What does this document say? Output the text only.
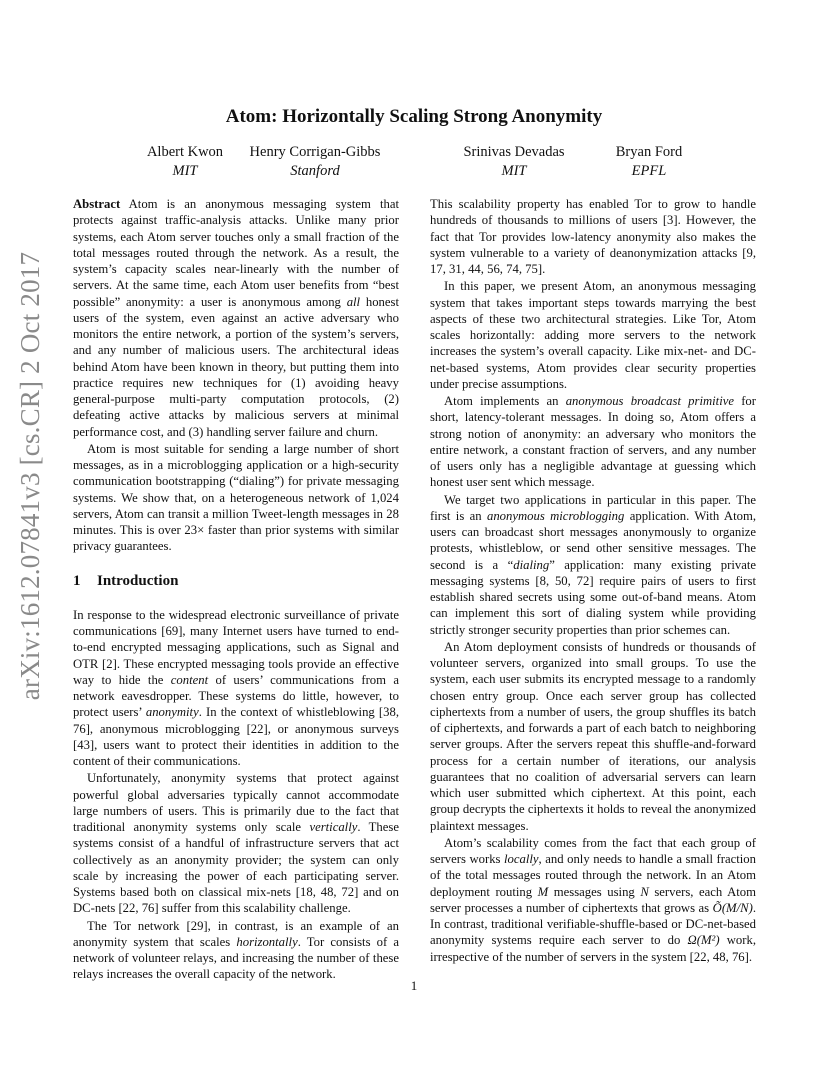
arXiv:1612.07841v3 [cs.CR] 2 Oct 2017
Atom: Horizontally Scaling Strong Anonymity
Albert Kwon
MIT
Henry Corrigan-Gibbs
Stanford
Srinivas Devadas
MIT
Bryan Ford
EPFL

Abstract Atom is an anonymous messaging system that protects against traffic-analysis attacks. Unlike many prior systems, each Atom server touches only a small fraction of the total messages routed through the network. As a result, the system’s capacity scales near-linearly with the number of servers. At the same time, each Atom user benefits from “best possible” anonymity: a user is anonymous among all honest users of the system, even against an active adversary who monitors the entire network, a portion of the system’s servers, and any number of malicious users. The architectural ideas behind Atom have been known in theory, but putting them into practice requires new techniques for (1) avoiding heavy general-purpose multi-party computation protocols, (2) defeating active attacks by malicious servers at minimal performance cost, and (3) handling server failure and churn.

Atom is most suitable for sending a large number of short messages, as in a microblogging application or a high-security communication bootstrapping (“dialing”) for private messaging systems. We show that, on a heterogeneous network of 1,024 servers, Atom can transit a million Tweet-length messages in 28 minutes. This is over 23× faster than prior systems with similar privacy guarantees.

1 Introduction

In response to the widespread electronic surveillance of private communications [69], many Internet users have turned to end-to-end encrypted messaging applications, such as Signal and OTR [2]. These encrypted messaging tools provide an effective way to hide the content of users’ communications from a network eavesdropper. These systems do little, however, to protect users’ anonymity. In the context of whistleblowing [38, 76], anonymous microblogging [22], or anonymous surveys [43], users want to protect their identities in addition to the content of their communications.

Unfortunately, anonymity systems that protect against powerful global adversaries typically cannot accommodate large numbers of users. This is primarily due to the fact that traditional anonymity systems only scale vertically. These systems consist of a handful of infrastructure servers that act collectively as an anonymity provider; the system can only scale by increasing the power of each participating server. Systems based both on classical mix-nets [18, 48, 72] and on DC-nets [22, 76] suffer from this scalability challenge.

The Tor network [29], in contrast, is an example of an anonymity system that scales horizontally. Tor consists of a network of volunteer relays, and increasing the number of these relays increases the overall capacity of the network.

This scalability property has enabled Tor to grow to handle hundreds of thousands to millions of users [3]. However, the fact that Tor provides low-latency anonymity also makes the system vulnerable to a variety of deanonymization attacks [9, 17, 31, 44, 56, 74, 75].

In this paper, we present Atom, an anonymous messaging system that takes important steps towards marrying the best aspects of these two architectural strategies. Like Tor, Atom scales horizontally: adding more servers to the network increases the system’s overall capacity. Like mix-net- and DC-net-based systems, Atom provides clear security properties under precise assumptions.

Atom implements an anonymous broadcast primitive for short, latency-tolerant messages. In doing so, Atom offers a strong notion of anonymity: an adversary who monitors the entire network, a constant fraction of servers, and any number of users only has a negligible advantage at guessing which honest user sent which message.

We target two applications in particular in this paper. The first is an anonymous microblogging application. With Atom, users can broadcast short messages anonymously to organize protests, whistleblow, or send other sensitive messages. The second is a “dialing” application: many existing private messaging systems [8, 50, 72] require pairs of users to first establish shared secrets using some out-of-band means. Atom can implement this sort of dialing system while providing strictly stronger security properties than prior schemes can.

An Atom deployment consists of hundreds or thousands of volunteer servers, organized into small groups. To use the system, each user submits its encrypted message to a randomly chosen entry group. Once each server group has collected ciphertexts from a number of users, the group shuffles its batch of ciphertexts, and forwards a part of each batch to neighboring server groups. After the servers repeat this shuffle-and-forward process for a certain number of iterations, our analysis guarantees that no coalition of adversarial servers can learn which user submitted which ciphertext. At this point, each group decrypts the ciphertexts it holds to reveal the anonymized plaintext messages.

Atom’s scalability comes from the fact that each group of servers works locally, and only needs to handle a small fraction of the total messages routed through the network. In an Atom deployment routing M messages using N servers, each Atom server processes a number of ciphertexts that grows as Õ(M/N). In contrast, traditional verifiable-shuffle-based or DC-net-based anonymity systems require each server to do Ω(M²) work, irrespective of the number of servers in the system [22, 48, 76].

1
